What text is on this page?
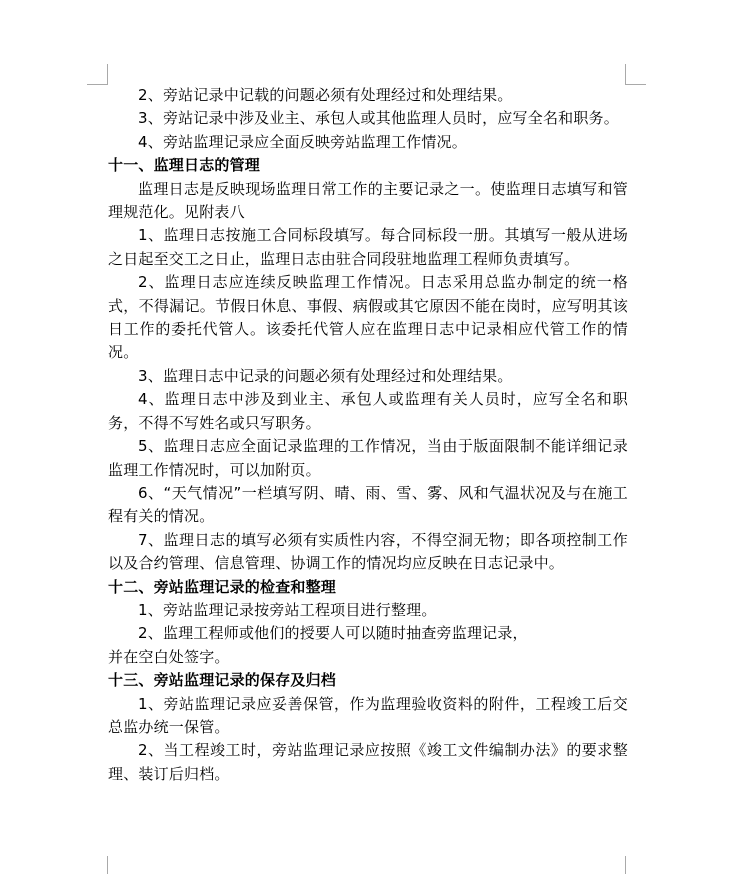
2、旁站记录中记载的问题必须有处理经过和处理结果。

3、旁站记录中涉及业主、承包人或其他监理人员时，应写全名和职务。

4、旁站监理记录应全面反映旁站监理工作情况。

十一、监理日志的管理

监理日志是反映现场监理日常工作的主要记录之一。使监理日志填写和管理规范化。见附表八

1、监理日志按施工合同标段填写。每合同标段一册。其填写一般从进场之日起至交工之日止，监理日志由驻合同段驻地监理工程师负责填写。

2、监理日志应连续反映监理工作情况。日志采用总监办制定的统一格式，不得漏记。节假日休息、事假、病假或其它原因不能在岗时，应写明其该日工作的委托代管人。该委托代管人应在监理日志中记录相应代管工作的情况。

3、监理日志中记录的问题必须有处理经过和处理结果。

4、监理日志中涉及到业主、承包人或监理有关人员时，应写全名和职务，不得不写姓名或只写职务。

5、监理日志应全面记录监理的工作情况，当由于版面限制不能详细记录监理工作情况时，可以加附页。

6、“天气情况”一栏填写阴、晴、雨、雪、雾、风和气温状况及与在施工程有关的情况。

7、监理日志的填写必须有实质性内容，不得空洞无物；即各项控制工作以及合约管理、信息管理、协调工作的情况均应反映在日志记录中。

十二、旁站监理记录的检查和整理

1、旁站监理记录按旁站工程项目进行整理。

2、监理工程师或他们的授要人可以随时抽查旁监理记录，

并在空白处签字。

十三、旁站监理记录的保存及归档

1、旁站监理记录应妥善保管，作为监理验收资料的附件，工程竣工后交总监办统一保管。

2、当工程竣工时，旁站监理记录应按照《竣工文件编制办法》的要求整理、装订后归档。
